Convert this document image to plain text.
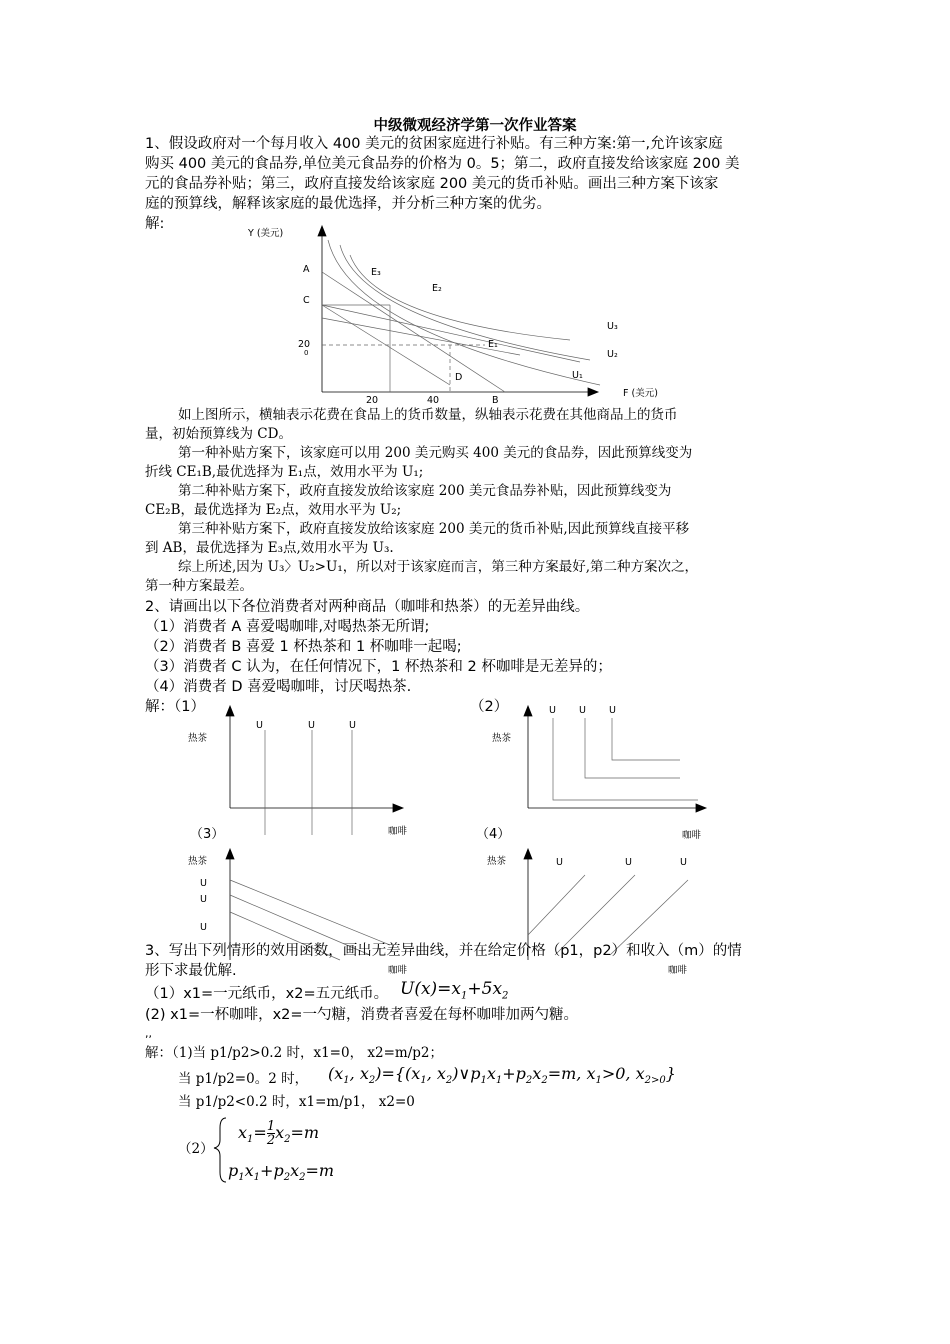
中级微观经济学第一次作业答案
1、假设政府对一个每月收入 400 美元的贫困家庭进行补贴。有三种方案:第一,允许该家庭
购买 400 美元的食品券,单位美元食品券的价格为 0。5；第二，政府直接发给该家庭 200 美
元的食品券补贴；第三，政府直接发给该家庭 200 美元的货币补贴。画出三种方案下该家
庭的预算线，解释该家庭的最优选择，并分析三种方案的优劣。
解:
Y (美元)
A
C
20
0
E₃
E₂
E₁
U₃
U₂
U₁
D
B
20	40
F (美元)
如上图所示，横轴表示花费在食品上的货币数量，纵轴表示花费在其他商品上的货币
量，初始预算线为 CD。
第一种补贴方案下，该家庭可以用 200 美元购买 400 美元的食品券，因此预算线变为
折线 CE₁B,最优选择为 E₁点，效用水平为 U₁;
第二种补贴方案下，政府直接发放给该家庭 200 美元食品券补贴，因此预算线变为
CE₂B，最优选择为 E₂点，效用水平为 U₂;
第三种补贴方案下，政府直接发放给该家庭 200 美元的货币补贴,因此预算线直接平移
到 AB，最优选择为 E₃点,效用水平为 U₃.
综上所述,因为 U₃〉U₂>U₁，所以对于该家庭而言，第三种方案最好,第二种方案次之，
第一种方案最差。
2、请画出以下各位消费者对两种商品（咖啡和热茶）的无差异曲线。
（1）消费者 A 喜爱喝咖啡,对喝热茶无所谓;
（2）消费者 B 喜爱 1 杯热茶和 1 杯咖啡一起喝;
（3）消费者 C 认为，在任何情况下，1 杯热茶和 2 杯咖啡是无差异的；
（4）消费者 D 喜爱喝咖啡，讨厌喝热茶.
解：（1）	（2）
热茶
U	U	U
咖啡
热茶
U U U
咖啡
（3）
热茶
U
U
U
咖啡
（4）
热茶	U	U	U
咖啡
3、写出下列情形的效用函数，画出无差异曲线，并在给定价格（p1，p2）和收入（m）的情
形下求最优解.
（1）x1=一元纸币，x2=五元纸币。 $U(x)=x_1+5x_2$
(2) x1=一杯咖啡，x2=一勺糖，消费者喜爱在每杯咖啡加两勺糖。
,,
解：（1)当 p1/p2>0.2 时，x1=0， x2=m/p2；
当 p1/p2=0。2 时， ($x_1$, $x_2)=\{(x_1$, $x_2)\vee p_1x_1+p_2x_2=m$, $x_1>0$, $x_{2>0}$}
当 p1/p2<0.2 时，x1=m/p1， x2=0
（2）
$x_1= \frac{1}{2} x_2=m$
$p_1x_1+p_2x_2=m$
